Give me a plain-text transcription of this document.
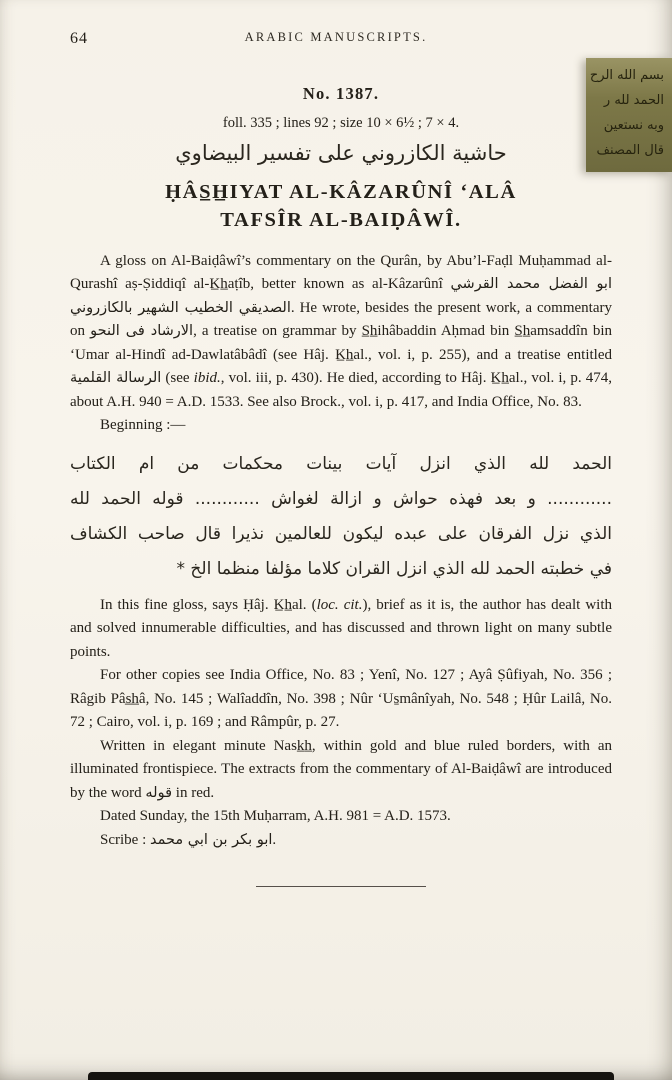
بسم الله الرح
الحمد لله ر
وبه نستعين
قال المصنف
64	ARABIC MANUSCRIPTS.
No. 1387.
foll. 335 ; lines 92 ; size 10 × 6½ ; 7 × 4.
حاشية الكازروني على تفسير البيضاوي
ḤÂS̲H̲IYAT AL-KÂZARÛNÎ ‘ALÂ
TAFSÎR AL-BAIḌÂWÎ.

A gloss on Al-Baiḍâwî’s commentary on the Qurân, by Abu’l-Faḍl Muḥammad al-Qurashî aṣ-Ṣiddiqî al-K̲h̲aṭîb, better known as al-Kâzarûnî ابو الفضل محمد القرشي الصديقي الخطيب الشهير بالكازروني. He wrote, besides the present work, a commentary on الارشاد فى النحو, a treatise on grammar by S̲h̲ihâbaddin Aḥmad bin S̲h̲amsaddîn bin ‘Umar al-Hindî ad-Dawlatâbâdî (see Hâj. K̲h̲al., vol. i, p. 255), and a treatise entitled الرسالة القلمية (see ibid., vol. iii, p. 430). He died, according to Hâj. K̲h̲al., vol. i, p. 474, about A.H. 940 = A.D. 1533. See also Brock., vol. i, p. 417, and India Office, No. 83.

Beginning :—

الحمد لله الذي انزل آيات بينات محكمات من ام الكتاب
............ و بعد فهذه حواش و ازالة لغواش ............ قوله الحمد لله
الذي نزل الفرقان على عبده ليكون للعالمين نذيرا قال صاحب الكشاف
في خطبته الحمد لله الذي انزل القران كلاما مؤلفا منظما الخ *

In this fine gloss, says Ḥâj. K̲h̲al. (loc. cit.), brief as it is, the author has dealt with and solved innumerable difficulties, and has discussed and thrown light on many subtle points.

For other copies see India Office, No. 83 ; Yenî, No. 127 ; Ayâ Ṣûfiyah, No. 356 ; Râgib Pâs̲h̲â, No. 145 ; Walîaddîn, No. 398 ; Nûr ‘Us̱mânîyah, No. 548 ; Ḥûr Lailâ, No. 72 ; Cairo, vol. i, p. 169 ; and Râmpûr, p. 27.

Written in elegant minute Nask̲h̲, within gold and blue ruled borders, with an illuminated frontispiece. The extracts from the commentary of Al-Baiḍâwî are introduced by the word قوله in red.

Dated Sunday, the 15th Muḥarram, A.H. 981 = A.D. 1573.

Scribe : ابو بكر بن ابي محمد.
